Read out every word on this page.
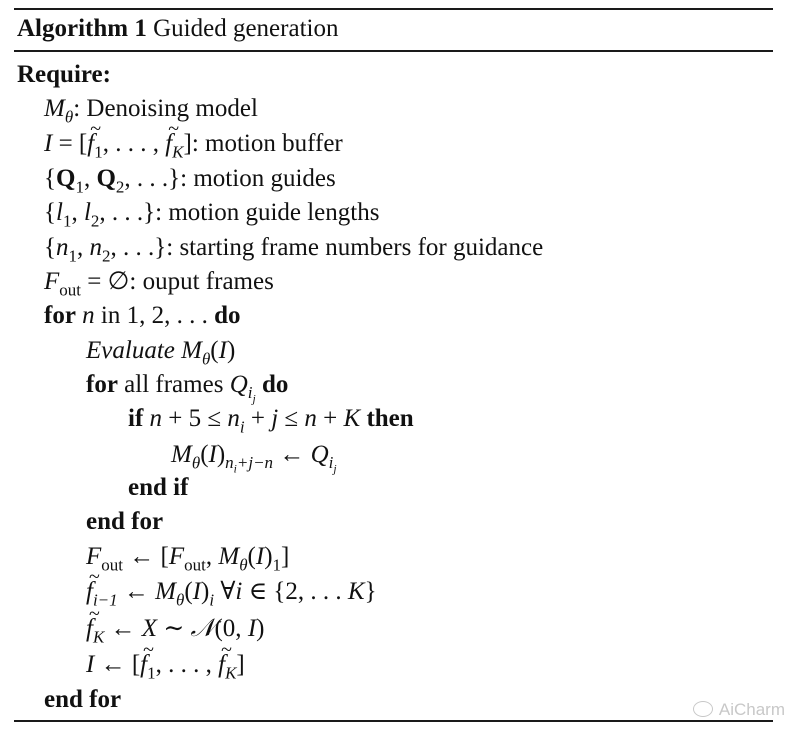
Algorithm 1 Guided generation
Require:
$M_\theta$: Denoising model
I = [~ $f_1$, . . . , ~ $f_K$]: motion buffer
{$Q_1$, $Q_2$, . . .}: motion guides
{$l_1$, $l_2$, . . .}: motion guide lengths
{$n_1$, $n_2$, . . .}: starting frame numbers for guidance
$F_{out}$ = ∅: ouput frames
for n in 1, 2, . . . do
Evaluate $M_\theta(I)$
for all frames $Q_{i_j}$ do
if $n + 5 \le n_i + j \le n + K$ then
$M_\theta(I)_{n_i+j-n}$ ← $Q_{i_j}$
end if
end for
$F_{out}$ ← [$F_{out}$, $M_\theta(I)_1$]
~ $f_{i-1}$ ← $M_\theta(I)_i$ ∀i ∈ {2, . . . K}
~ $f_K$ ← X ∼ 𝒩(0, I)
I ← [~ $f_1$, . . . , ~ $f_K$]
end for	AiCharm
